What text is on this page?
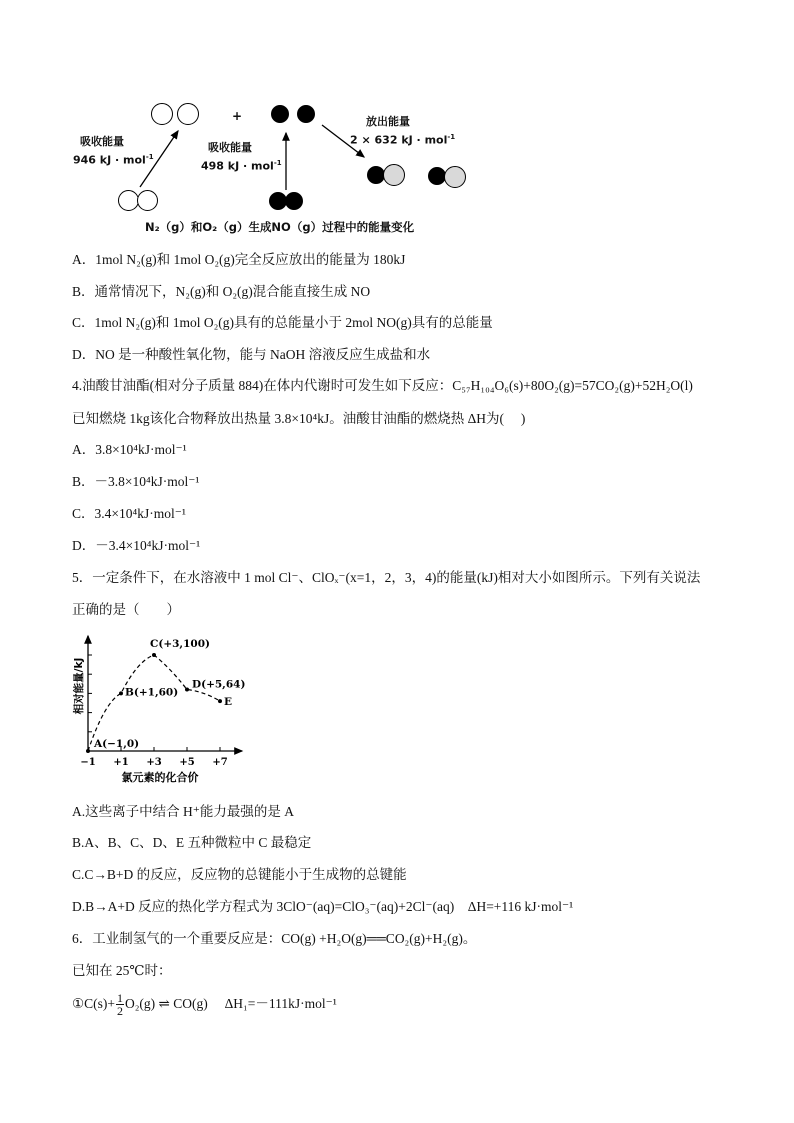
+
吸收能量
946 kJ · mol$^{-1}$
吸收能量
498 kJ · mol$^{-1}$
放出能量
2 × 632 kJ · mol$^{-1}$
N₂（g）和O₂（g）生成NO（g）过程中的能量变化
A．1mol N₂(g)和 1mol O₂(g)完全反应放出的能量为 180kJ
B．通常情况下，N₂(g)和 O₂(g)混合能直接生成 NO
C．1mol N₂(g)和 1mol O₂(g)具有的总能量小于 2mol NO(g)具有的总能量
D．NO 是一种酸性氧化物，能与 NaOH 溶液反应生成盐和水
4.油酸甘油酯(相对分子质量 884)在体内代谢时可发生如下反应：C₅₇H₁₀₄O₆(s)+80O₂(g)=57CO₂(g)+52H₂O(l)
已知燃烧 1kg该化合物释放出热量 3.8×10⁴kJ。油酸甘油酯的燃烧热 ΔH为(　 )
A．3.8×10⁴kJ·mol⁻¹
B．－3.8×10⁴kJ·mol⁻¹
C．3.4×10⁴kJ·mol⁻¹
D．－3.4×10⁴kJ·mol⁻¹
5．一定条件下，在水溶液中 1 mol Cl⁻、ClOₓ⁻(x=1，2，3，4)的能量(kJ)相对大小如图所示。下列有关说法
正确的是（　　）
−1 +1 +3 +5 +7
A(−1,0)
B(+1,60)
C(+3,100)
D(+5,64)
E
相对能量/kJ
氯元素的化合价
A.这些离子中结合 H⁺能力最强的是 A
B.A、B、C、D、E 五种微粒中 C 最稳定
C.C→B+D 的反应，反应物的总键能小于生成物的总键能
D.B→A+D 反应的热化学方程式为 3ClO⁻(aq)=ClO₃⁻(aq)+2Cl⁻(aq)　ΔH=+116 kJ·mol⁻¹
6．工业制氢气的一个重要反应是：CO(g) +H₂O(g)══CO₂(g)+H₂(g)。
已知在 25℃时：
①C(s)+ $\frac{1}{2} O_2(g)$ ⇌ CO(g)　 ΔH₁=－111kJ·mol⁻¹
